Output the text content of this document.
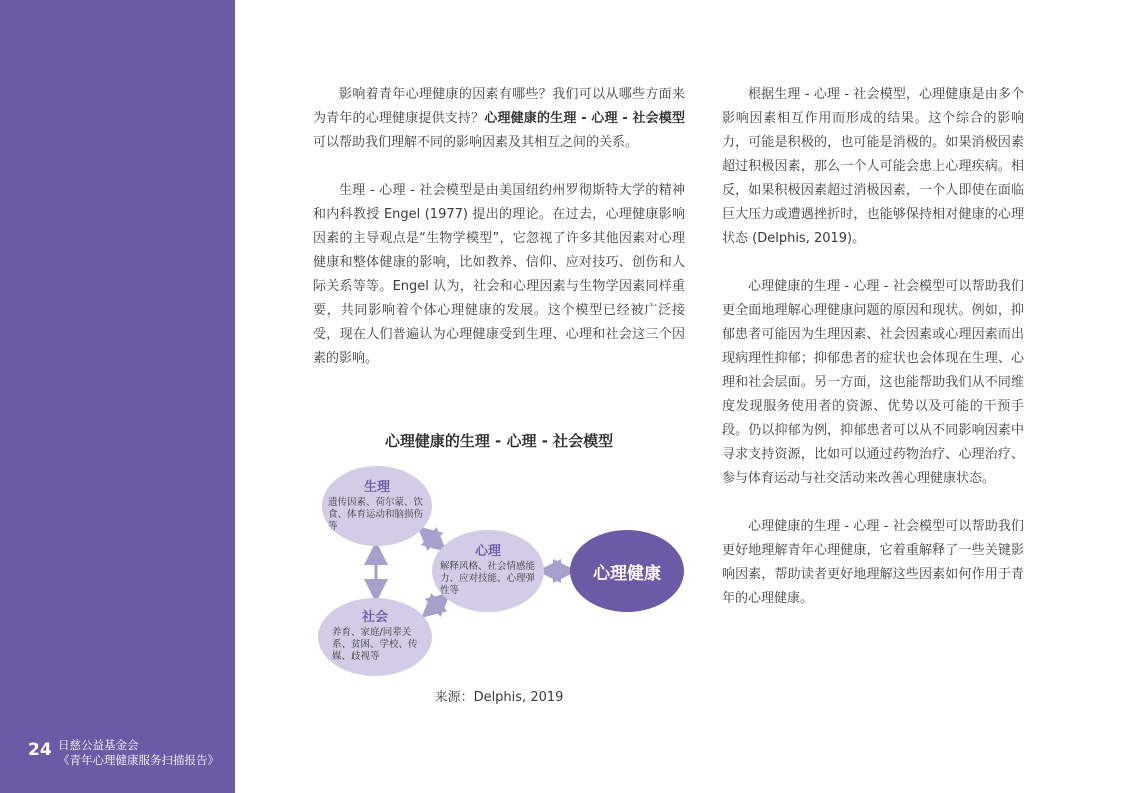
24 日慈公益基金会
《青年心理健康服务扫描报告》

影响着青年心理健康的因素有哪些？我们可以从哪些方面来为青年的心理健康提供支持？心理健康的生理 - 心理 - 社会模型可以帮助我们理解不同的影响因素及其相互之间的关系。

生理 - 心理 - 社会模型是由美国纽约州罗彻斯特大学的精神和内科教授 Engel (1977) 提出的理论。在过去，心理健康影响因素的主导观点是“生物学模型”，它忽视了许多其他因素对心理健康和整体健康的影响，比如教养、信仰、应对技巧、创伤和人际关系等等。Engel 认为，社会和心理因素与生物学因素同样重要，共同影响着个体心理健康的发展。这个模型已经被广泛接受，现在人们普遍认为心理健康受到生理、心理和社会这三个因素的影响。

心理健康的生理 - 心理 - 社会模型
生理
遗传因素、荷尔蒙、饮食、体育运动和脑损伤等
社会
养育、家庭/同辈关系、贫困、学校、传媒、歧视等
心理
解释风格、社会情感能力、应对技能、心理弹性等
心理健康
来源：Delphis, 2019

根据生理 - 心理 - 社会模型，心理健康是由多个影响因素相互作用而形成的结果。这个综合的影响力，可能是积极的，也可能是消极的。如果消极因素超过积极因素，那么一个人可能会患上心理疾病。相反，如果积极因素超过消极因素，一个人即使在面临巨大压力或遭遇挫折时，也能够保持相对健康的心理状态 (Delphis, 2019)。

心理健康的生理 - 心理 - 社会模型可以帮助我们更全面地理解心理健康问题的原因和现状。例如，抑郁患者可能因为生理因素、社会因素或心理因素而出现病理性抑郁；抑郁患者的症状也会体现在生理、心理和社会层面。另一方面，这也能帮助我们从不同维度发现服务使用者的资源、优势以及可能的干预手段。仍以抑郁为例，抑郁患者可以从不同影响因素中寻求支持资源，比如可以通过药物治疗、心理治疗、参与体育运动与社交活动来改善心理健康状态。

心理健康的生理 - 心理 - 社会模型可以帮助我们更好地理解青年心理健康，它着重解释了一些关键影响因素，帮助读者更好地理解这些因素如何作用于青年的心理健康。
